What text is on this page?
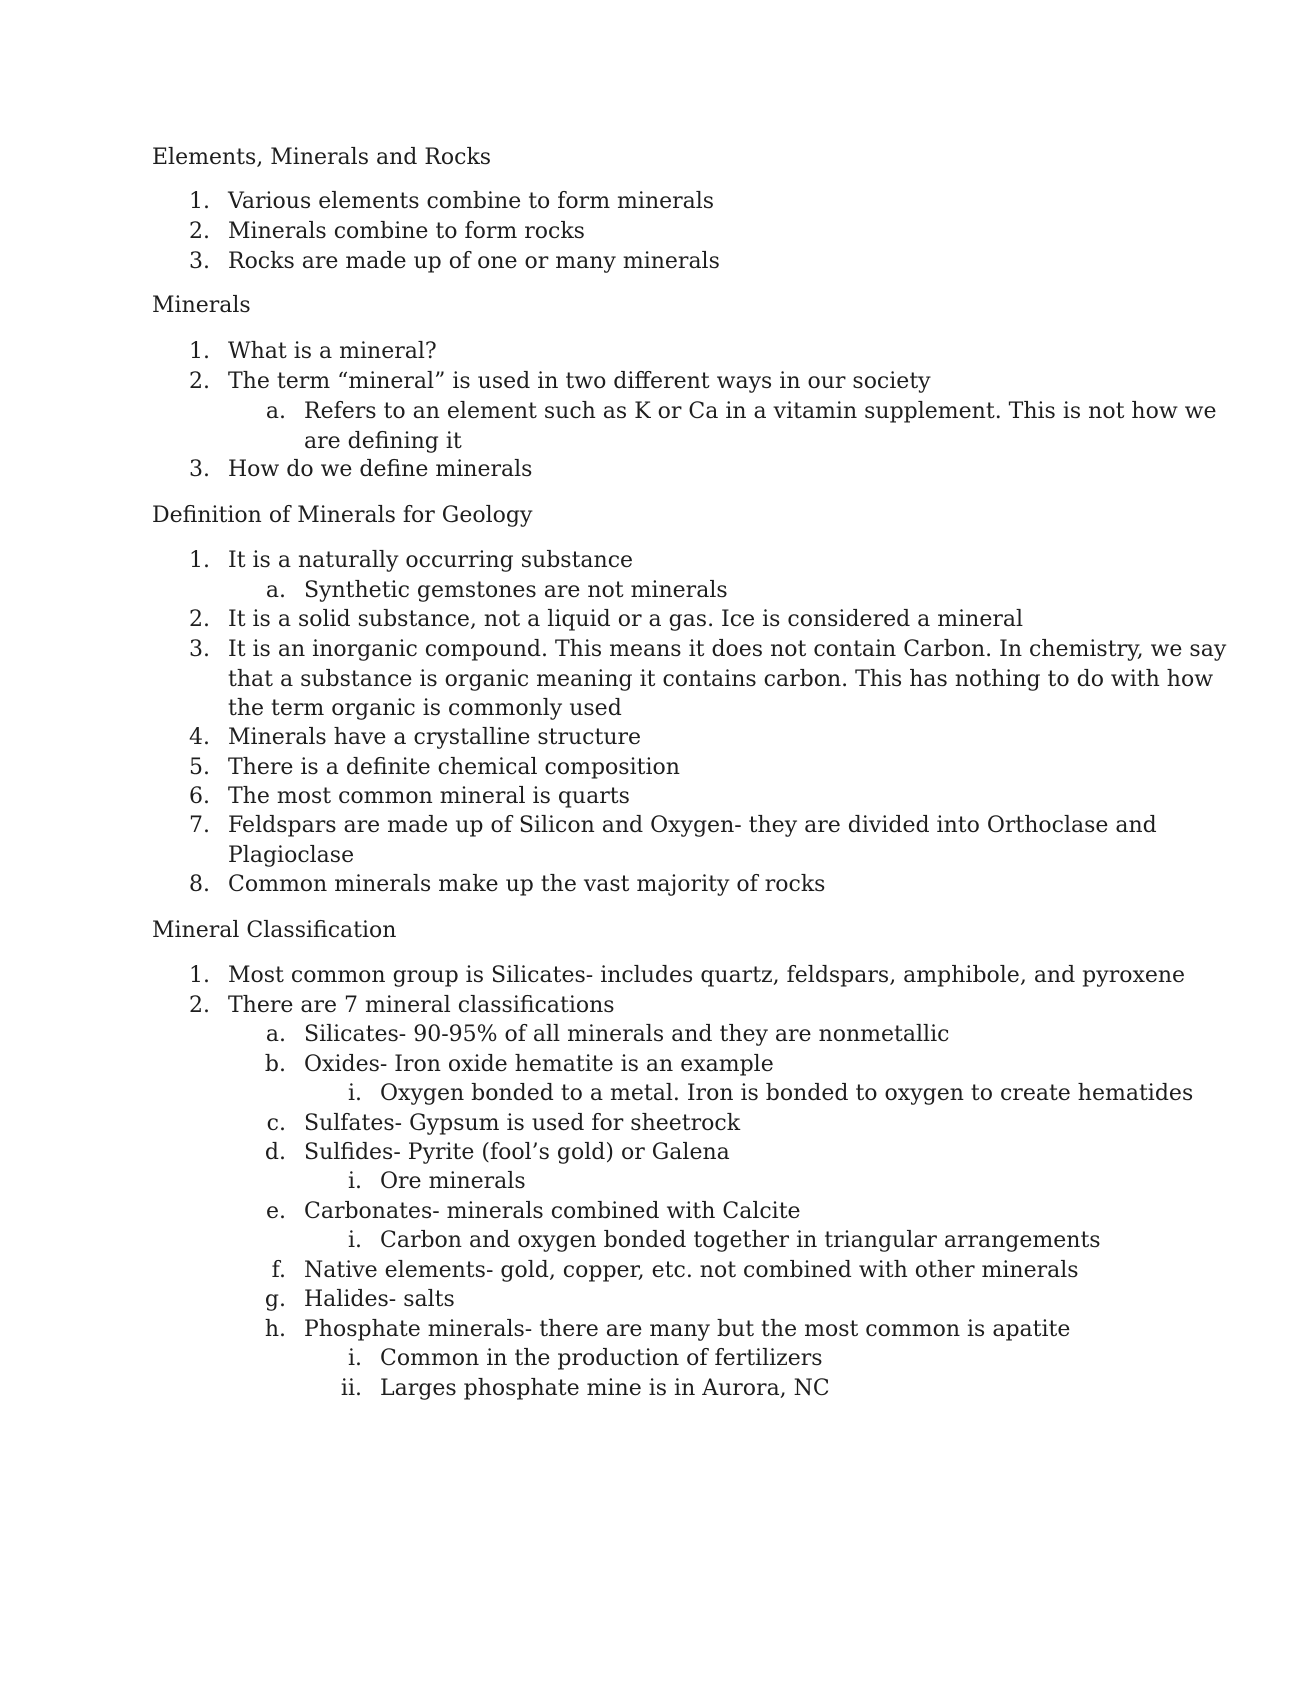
Elements, Minerals and Rocks
1. Various elements combine to form minerals
2. Minerals combine to form rocks
3. Rocks are made up of one or many minerals
Minerals
1. What is a mineral?
2. The term “mineral” is used in two different ways in our society
a. Refers to an element such as K or Ca in a vitamin supplement. This is not how we
are defining it
3. How do we define minerals
Definition of Minerals for Geology
1. It is a naturally occurring substance
a. Synthetic gemstones are not minerals
2. It is a solid substance, not a liquid or a gas. Ice is considered a mineral
3. It is an inorganic compound. This means it does not contain Carbon. In chemistry, we say
that a substance is organic meaning it contains carbon. This has nothing to do with how
the term organic is commonly used
4. Minerals have a crystalline structure
5. There is a definite chemical composition
6. The most common mineral is quarts
7. Feldspars are made up of Silicon and Oxygen- they are divided into Orthoclase and
Plagioclase
8. Common minerals make up the vast majority of rocks
Mineral Classification
1. Most common group is Silicates- includes quartz, feldspars, amphibole, and pyroxene
2. There are 7 mineral classifications
a. Silicates- 90-95% of all minerals and they are nonmetallic
b. Oxides- Iron oxide hematite is an example
i. Oxygen bonded to a metal. Iron is bonded to oxygen to create hematides
c. Sulfates- Gypsum is used for sheetrock
d. Sulfides- Pyrite (fool’s gold) or Galena
i. Ore minerals
e. Carbonates- minerals combined with Calcite
i. Carbon and oxygen bonded together in triangular arrangements
f. Native elements- gold, copper, etc. not combined with other minerals
g. Halides- salts
h. Phosphate minerals- there are many but the most common is apatite
i. Common in the production of fertilizers
ii. Larges phosphate mine is in Aurora, NC
